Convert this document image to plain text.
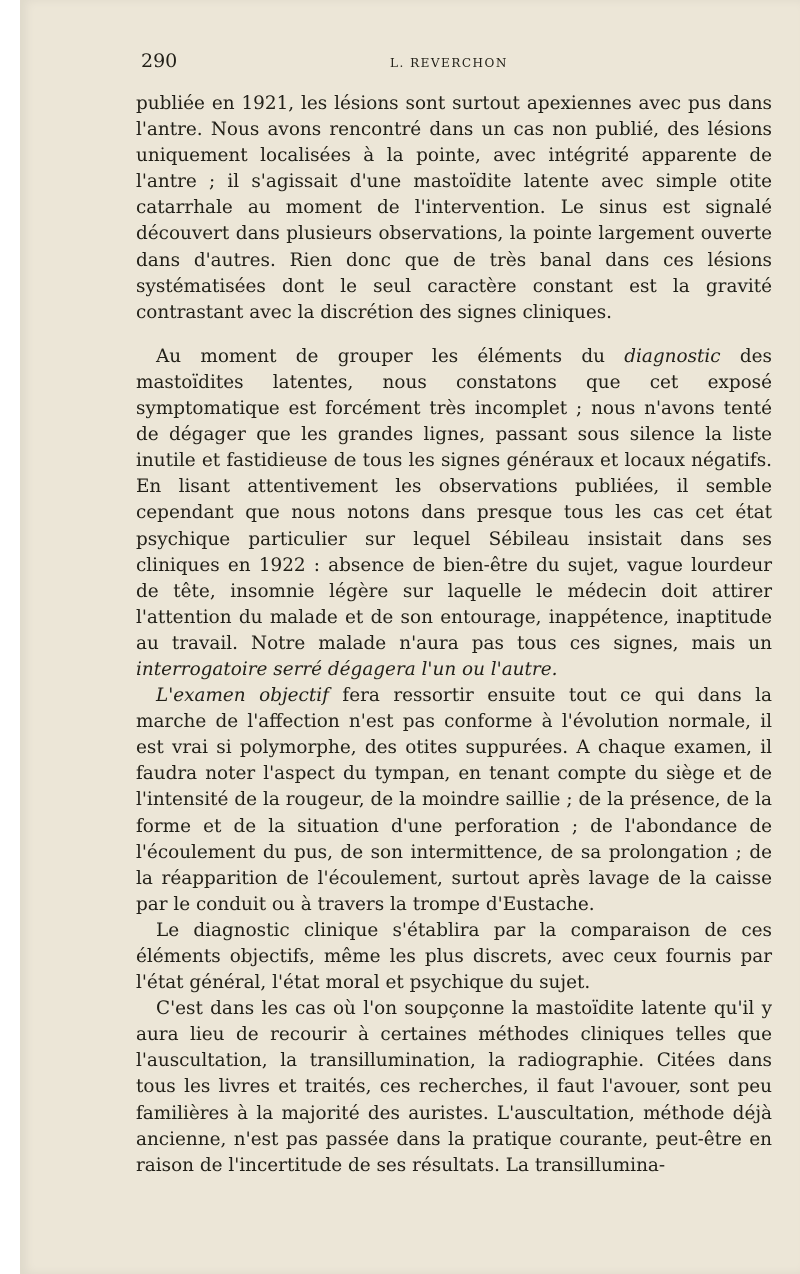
290	L. REVERCHON

publiée en 1921, les lésions sont surtout apexiennes avec pus dans l'antre. Nous avons rencontré dans un cas non publié, des lésions uniquement localisées à la pointe, avec intégrité apparente de l'antre ; il s'agissait d'une mastoïdite latente avec simple otite catarrhale au moment de l'intervention. Le sinus est signalé découvert dans plusieurs observations, la pointe largement ouverte dans d'autres. Rien donc que de très banal dans ces lésions systématisées dont le seul caractère constant est la gravité contrastant avec la discrétion des signes cliniques.

Au moment de grouper les éléments du diagnostic des mastoïdites latentes, nous constatons que cet exposé symptomatique est forcément très incomplet ; nous n'avons tenté de dégager que les grandes lignes, passant sous silence la liste inutile et fastidieuse de tous les signes généraux et locaux négatifs. En lisant attentivement les observations publiées, il semble cependant que nous notons dans presque tous les cas cet état psychique particulier sur lequel Sébileau insistait dans ses cliniques en 1922 : absence de bien-être du sujet, vague lourdeur de tête, insomnie légère sur laquelle le médecin doit attirer l'attention du malade et de son entourage, inappétence, inaptitude au travail. Notre malade n'aura pas tous ces signes, mais un interrogatoire serré dégagera l'un ou l'autre.

L'examen objectif fera ressortir ensuite tout ce qui dans la marche de l'affection n'est pas conforme à l'évolution normale, il est vrai si polymorphe, des otites suppurées. A chaque examen, il faudra noter l'aspect du tympan, en tenant compte du siège et de l'intensité de la rougeur, de la moindre saillie ; de la présence, de la forme et de la situation d'une perforation ; de l'abondance de l'écoulement du pus, de son intermittence, de sa prolongation ; de la réapparition de l'écoulement, surtout après lavage de la caisse par le conduit ou à travers la trompe d'Eustache.

Le diagnostic clinique s'établira par la comparaison de ces éléments objectifs, même les plus discrets, avec ceux fournis par l'état général, l'état moral et psychique du sujet.

C'est dans les cas où l'on soupçonne la mastoïdite latente qu'il y aura lieu de recourir à certaines méthodes cliniques telles que l'auscultation, la transillumination, la radiographie. Citées dans tous les livres et traités, ces recherches, il faut l'avouer, sont peu familières à la majorité des auristes. L'auscultation, méthode déjà ancienne, n'est pas passée dans la pratique courante, peut-être en raison de l'incertitude de ses résultats. La transillumina-
